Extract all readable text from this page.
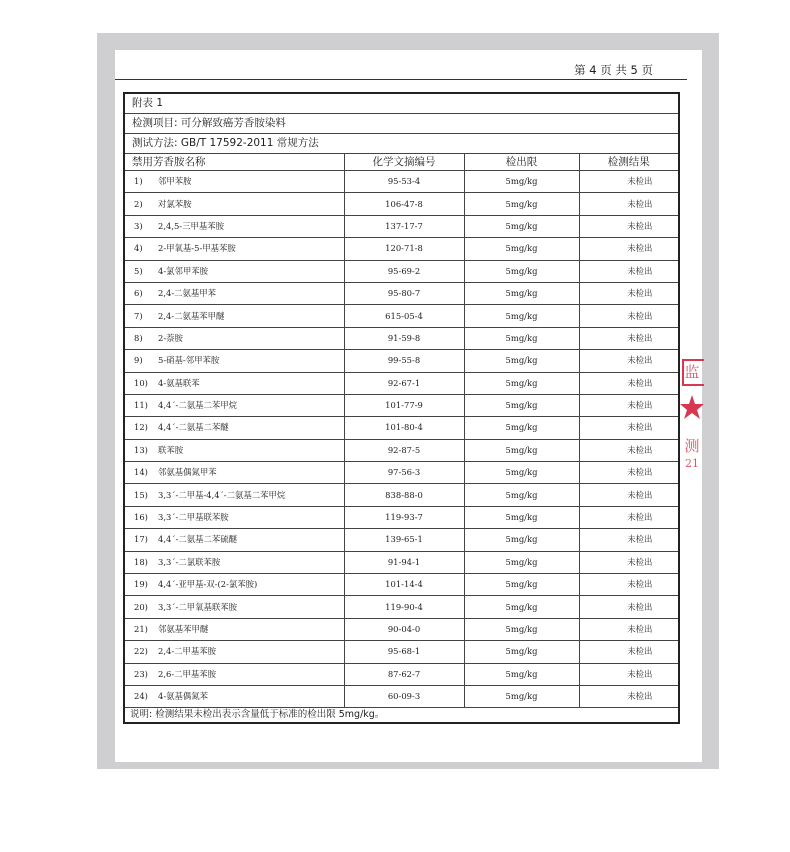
第 4 页 共 5 页
附表 1			
检测项目: 可分解致癌芳香胺染料			
测试方法: GB/T 17592-2011 常规方法			
禁用芳香胺名称	化学文摘编号	检出限	检测结果
1) 邻甲苯胺	95-53-4	5mg/kg	未检出
2) 对氯苯胺	106-47-8	5mg/kg	未检出
3) 2,4,5-三甲基苯胺	137-17-7	5mg/kg	未检出
4) 2-甲氧基-5-甲基苯胺	120-71-8	5mg/kg	未检出
5) 4-氯邻甲苯胺	95-69-2	5mg/kg	未检出
6) 2,4-二氨基甲苯	95-80-7	5mg/kg	未检出
7) 2,4-二氨基苯甲醚	615-05-4	5mg/kg	未检出
8) 2-萘胺	91-59-8	5mg/kg	未检出
9) 5-硝基-邻甲苯胺	99-55-8	5mg/kg	未检出
10) 4-氨基联苯	92-67-1	5mg/kg	未检出
11) 4,4΄-二氨基二苯甲烷	101-77-9	5mg/kg	未检出
12) 4,4΄-二氨基二苯醚	101-80-4	5mg/kg	未检出
13) 联苯胺	92-87-5	5mg/kg	未检出
14) 邻氨基偶氮甲苯	97-56-3	5mg/kg	未检出
15) 3,3΄-二甲基-4,4΄-二氨基二苯甲烷	838-88-0	5mg/kg	未检出
16) 3,3΄-二甲基联苯胺	119-93-7	5mg/kg	未检出
17) 4,4΄-二氨基二苯硫醚	139-65-1	5mg/kg	未检出
18) 3,3΄-二氯联苯胺	91-94-1	5mg/kg	未检出
19) 4,4΄-亚甲基-双-(2-氯苯胺)	101-14-4	5mg/kg	未检出
20) 3,3΄-二甲氧基联苯胺	119-90-4	5mg/kg	未检出
21) 邻氨基苯甲醚	90-04-0	5mg/kg	未检出
22) 2,4-二甲基苯胺	95-68-1	5mg/kg	未检出
23) 2,6-二甲基苯胺	87-62-7	5mg/kg	未检出
24) 4-氨基偶氮苯	60-09-3	5mg/kg	未检出
说明: 检测结果未检出表示含量低于标准的检出限 5mg/kg。			
监
测
21
